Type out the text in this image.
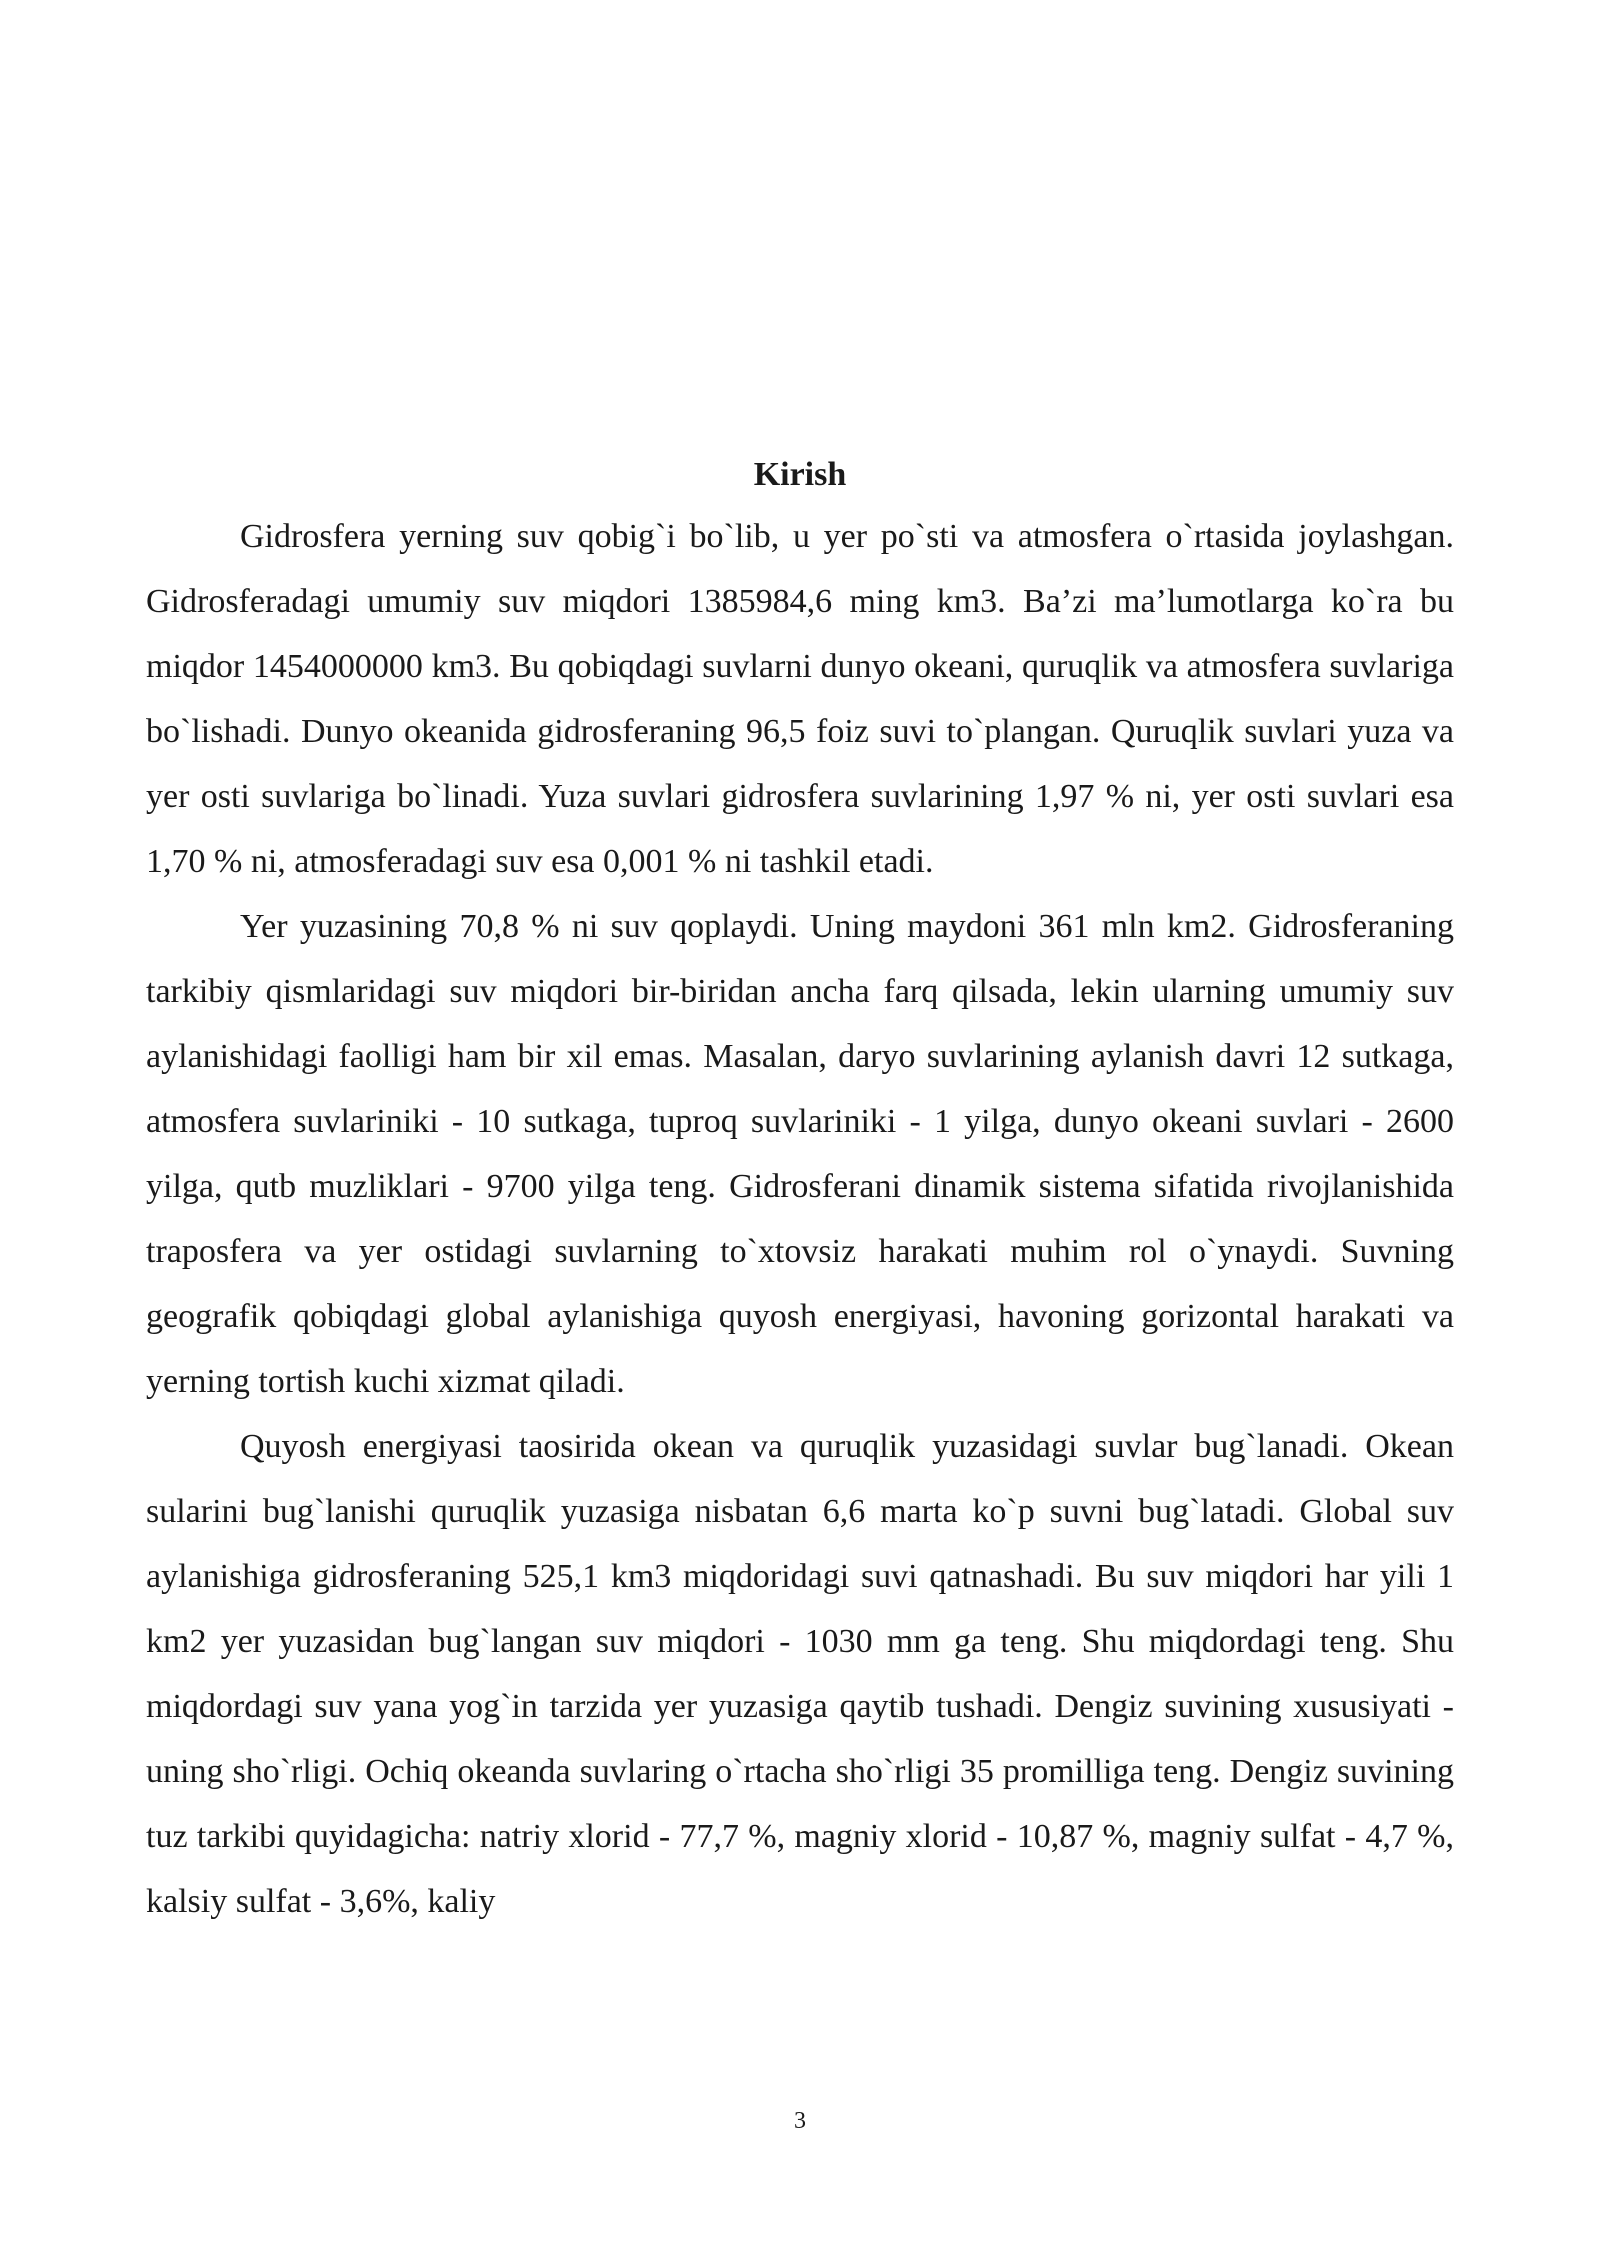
Kirish

Gidrosfera yerning suv qobig`i bo`lib, u yer po`sti va atmosfera o`rtasida joylashgan. Gidrosferadagi umumiy suv miqdori 1385984,6 ming km3. Ba’zi ma’lumotlarga ko`ra bu miqdor 1454000000 km3. Bu qobiqdagi suvlarni dunyo okeani, quruqlik va atmosfera suvlariga bo`lishadi. Dunyo okeanida gidrosferaning 96,5 foiz suvi to`plangan. Quruqlik suvlari yuza va yer osti suvlariga bo`linadi. Yuza suvlari gidrosfera suvlarining 1,97 % ni, yer osti suvlari esa 1,70 % ni, atmosferadagi suv esa 0,001 % ni tashkil etadi.

Yer yuzasining 70,8 % ni suv qoplaydi. Uning maydoni 361 mln km2. Gidrosferaning tarkibiy qismlaridagi suv miqdori bir-biridan ancha farq qilsada, lekin ularning umumiy suv aylanishidagi faolligi ham bir xil emas. Masalan, daryo suvlarining aylanish davri 12 sutkaga, atmosfera suvlariniki - 10 sutkaga, tuproq suvlariniki - 1 yilga, dunyo okeani suvlari - 2600 yilga, qutb muzliklari - 9700 yilga teng. Gidrosferani dinamik sistema sifatida rivojlanishida traposfera va yer ostidagi suvlarning to`xtovsiz harakati muhim rol o`ynaydi. Suvning geografik qobiqdagi global aylanishiga quyosh energiyasi, havoning gorizontal harakati va yerning tortish kuchi xizmat qiladi.

Quyosh energiyasi taosirida okean va quruqlik yuzasidagi suvlar bug`lanadi. Okean sularini bug`lanishi quruqlik yuzasiga nisbatan 6,6 marta ko`p suvni bug`latadi. Global suv aylanishiga gidrosferaning 525,1 km3 miqdoridagi suvi qatnashadi. Bu suv miqdori har yili 1 km2 yer yuzasidan bug`langan suv miqdori - 1030 mm ga teng. Shu miqdordagi teng. Shu miqdordagi suv yana yog`in tarzida yer yuzasiga qaytib tushadi. Dengiz suvining xususiyati - uning sho`rligi. Ochiq okeanda suvlaring o`rtacha sho`rligi 35 promilliga teng. Dengiz suvining tuz tarkibi quyidagicha: natriy xlorid - 77,7 %, magniy xlorid - 10,87 %, magniy sulfat - 4,7 %, kalsiy sulfat - 3,6%, kaliy

3
